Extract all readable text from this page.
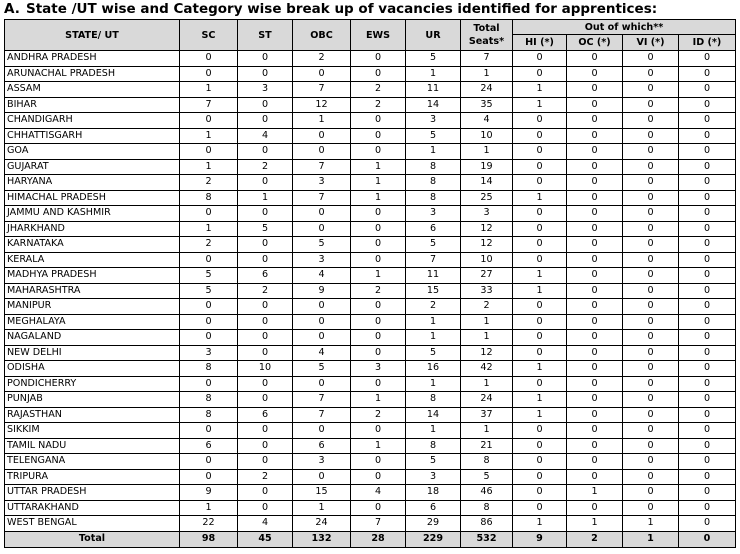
A. State /UT wise and Category wise break up of vacancies identified for apprentices:
STATE/ UT	SC	ST	OBC	EWS	UR	Total
Seats*	Out of which**			
							HI (*)	OC (*)	VI (*)	ID (*)
ANDHRA PRADESH	0	0	2	0	5	7	0	0	0	0
ARUNACHAL PRADESH	0	0	0	0	1	1	0	0	0	0
ASSAM	1	3	7	2	11	24	1	0	0	0
BIHAR	7	0	12	2	14	35	1	0	0	0
CHANDIGARH	0	0	1	0	3	4	0	0	0	0
CHHATTISGARH	1	4	0	0	5	10	0	0	0	0
GOA	0	0	0	0	1	1	0	0	0	0
GUJARAT	1	2	7	1	8	19	0	0	0	0
HARYANA	2	0	3	1	8	14	0	0	0	0
HIMACHAL PRADESH	8	1	7	1	8	25	1	0	0	0
JAMMU AND KASHMIR	0	0	0	0	3	3	0	0	0	0
JHARKHAND	1	5	0	0	6	12	0	0	0	0
KARNATAKA	2	0	5	0	5	12	0	0	0	0
KERALA	0	0	3	0	7	10	0	0	0	0
MADHYA PRADESH	5	6	4	1	11	27	1	0	0	0
MAHARASHTRA	5	2	9	2	15	33	1	0	0	0
MANIPUR	0	0	0	0	2	2	0	0	0	0
MEGHALAYA	0	0	0	0	1	1	0	0	0	0
NAGALAND	0	0	0	0	1	1	0	0	0	0
NEW DELHI	3	0	4	0	5	12	0	0	0	0
ODISHA	8	10	5	3	16	42	1	0	0	0
PONDICHERRY	0	0	0	0	1	1	0	0	0	0
PUNJAB	8	0	7	1	8	24	1	0	0	0
RAJASTHAN	8	6	7	2	14	37	1	0	0	0
SIKKIM	0	0	0	0	1	1	0	0	0	0
TAMIL NADU	6	0	6	1	8	21	0	0	0	0
TELENGANA	0	0	3	0	5	8	0	0	0	0
TRIPURA	0	2	0	0	3	5	0	0	0	0
UTTAR PRADESH	9	0	15	4	18	46	0	1	0	0
UTTARAKHAND	1	0	1	0	6	8	0	0	0	0
WEST BENGAL	22	4	24	7	29	86	1	1	1	0
Total	98	45	132	28	229	532	9	2	1	0
